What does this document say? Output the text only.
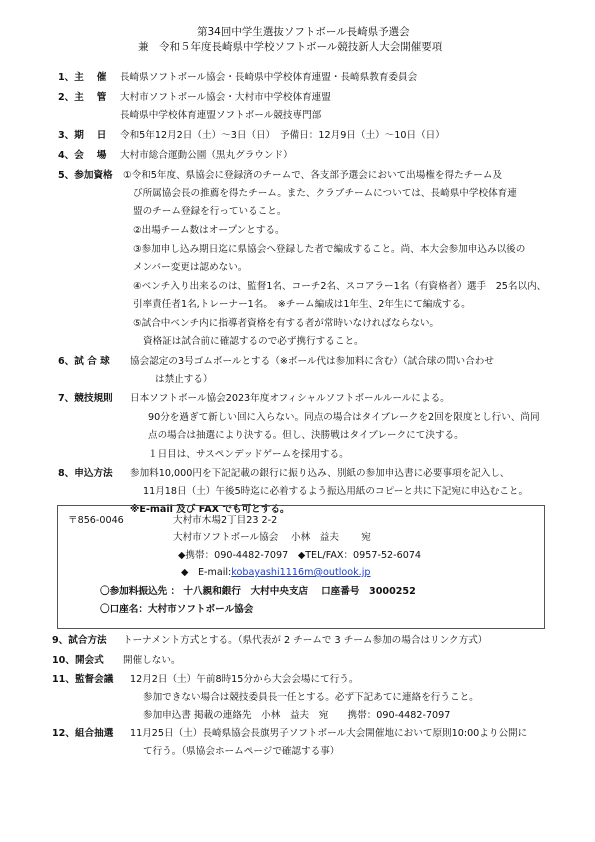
第34回中学生選抜ソフトボール長崎県予選会
兼　令和５年度長崎県中学校ソフトボール競技新人大会開催要項
1、主　 催 長崎県ソフトボール協会・長崎県中学校体育連盟・長崎県教育委員会
2、主　 管 大村市ソフトボール協会・大村市中学校体育連盟
長崎県中学校体育連盟ソフトボール競技専門部
3、期　 日 令和5年12月2日（土）～3日（日）　予備日：12月9日（土）～10日（日）
4、会　 場 大村市総合運動公園（黒丸グラウンド）
5、参加資格 ①令和5年度、県協会に登録済のチームで、各支部予選会において出場権を得たチーム及
び所属協会長の推薦を得たチーム。また、クラブチームについては、長崎県中学校体育連
盟のチーム登録を行っていること。
②出場チーム数はオープンとする。
③参加申し込み期日迄に県協会へ登録した者で編成すること。尚、本大会参加申込み以後の
メンバー変更は認めない。
④ベンチ入り出来るのは、監督1名、コーチ2名、スコアラー1名（有資格者）選手　25名以内、
引率責任者1名,トレーナー1名。　※チーム編成は1年生、2年生にて編成する。
⑤試合中ベンチ内に指導者資格を有する者が常時いなければならない。
資格証は試合前に確認するので必ず携行すること。
6、試 合 球 協会認定の3号ゴムボールとする（※ボール代は参加料に含む）（試合球の問い合わせ
は禁止する）
7、競技規則 日本ソフトボール協会2023年度オフィシャルソフトボールルールによる。
90分を過ぎて新しい回に入らない。同点の場合はタイブレークを2回を限度とし行い、尚同
点の場合は抽選により決する。但し、決勝戦はタイブレークにて決する。
１日目は、サスペンデッドゲームを採用する。
8、申込方法 参加料10,000円を下記記載の銀行に振り込み、別紙の参加申込書に必要事項を記入し、
11月18日（土）午後5時迄に必着するよう振込用紙のコピーと共に下記宛に申込むこと。
※E-mail 及び FAX でも可とする。
〒856-0046	大村市木場2丁目23 2-2
大村市ソフトボール協会　 小林　益夫　　 宛
◆携帯：090-4482-7097　◆TEL/FAX：0957-52-6074
◆　E-mail:kobayashi1116m@outlook.jp
〇参加料振込先 ： 十八親和銀行　大村中央支店　 口座番号　3000252
〇口座名：大村市ソフトボール協会
9、試合方法 トーナメント方式とする。（県代表が 2 チームで 3 チーム参加の場合はリンク方式）
10、開会式 開催しない。
11、監督会議 12月2日（土）午前8時15分から大会会場にて行う。
参加できない場合は競技委員長一任とする。必ず下記あてに連絡を行うこと。
参加申込書 掲載の連絡先　小林　益夫　宛　　携帯：090-4482-7097
12、組合抽選 11月25日（土）長崎県協会長旗男子ソフトボール大会開催地において原則10:00より公開に
て行う。（県協会ホームページで確認する事）
